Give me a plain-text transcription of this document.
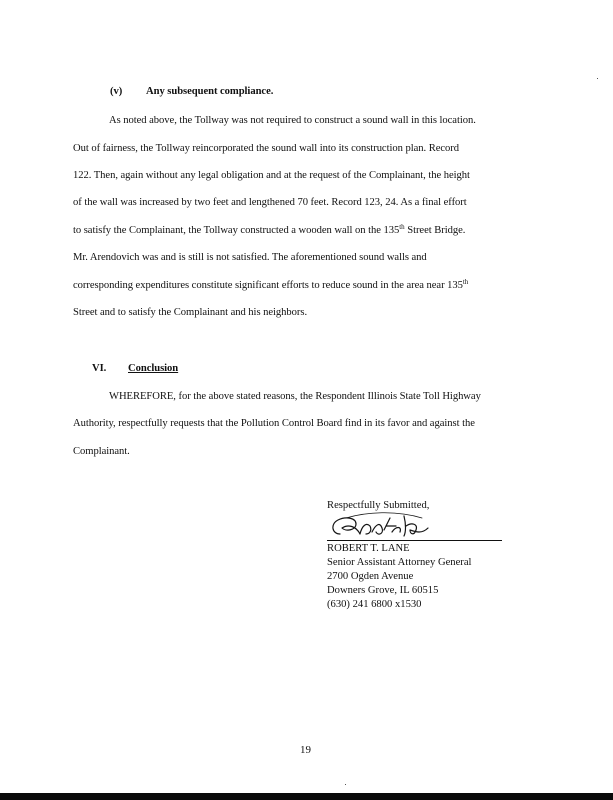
(v) Any subsequent compliance.
As noted above, the Tollway was not required to construct a sound wall in this location.
Out of fairness, the Tollway reincorporated the sound wall into its construction plan. Record
122. Then, again without any legal obligation and at the request of the Complainant, the height
of the wall was increased by two feet and lengthened 70 feet. Record 123, 24. As a final effort
to satisfy the Complainant, the Tollway constructed a wooden wall on the 135th Street Bridge.
Mr. Arendovich was and is still is not satisfied. The aforementioned sound walls and
corresponding expenditures constitute significant efforts to reduce sound in the area near 135th
Street and to satisfy the Complainant and his neighbors.
VI. Conclusion
WHEREFORE, for the above stated reasons, the Respondent Illinois State Toll Highway
Authority, respectfully requests that the Pollution Control Board find in its favor and against the
Complainant.
Respectfully Submitted,
ROBERT T. LANE
Senior Assistant Attorney General
2700 Ogden Avenue
Downers Grove, IL 60515
(630) 241 6800 x1530
19
